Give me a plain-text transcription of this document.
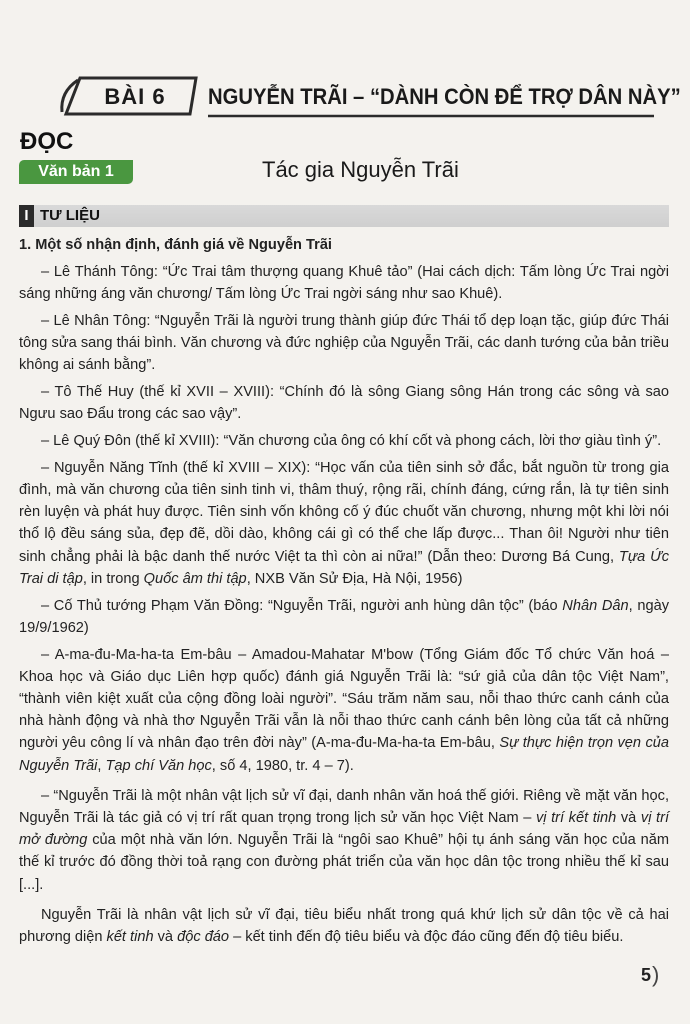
BÀI 6	NGUYỄN TRÃI – “DÀNH CÒN ĐỂ TRỢ DÂN NÀY”
ĐỌC
Văn bản 1	Tác gia Nguyễn Trãi
I TƯ LIỆU

1. Một số nhận định, đánh giá về Nguyễn Trãi

– Lê Thánh Tông: “Ức Trai tâm thượng quang Khuê tảo” (Hai cách dịch: Tấm lòng Ức Trai ngời sáng những áng văn chương/ Tấm lòng Ức Trai ngời sáng như sao Khuê).

– Lê Nhân Tông: “Nguyễn Trãi là người trung thành giúp đức Thái tổ dẹp loạn tặc, giúp đức Thái tông sửa sang thái bình. Văn chương và đức nghiệp của Nguyễn Trãi, các danh tướng của bản triều không ai sánh bằng”.

– Tô Thế Huy (thế kỉ XVII – XVIII): “Chính đó là sông Giang sông Hán trong các sông và sao Ngưu sao Đẩu trong các sao vậy”.

– Lê Quý Đôn (thế kỉ XVIII): “Văn chương của ông có khí cốt và phong cách, lời thơ giàu tình ý”.

– Nguyễn Năng Tĩnh (thế kỉ XVIII – XIX): “Học vấn của tiên sinh sở đắc, bắt nguồn từ trong gia đình, mà văn chương của tiên sinh tinh vi, thâm thuý, rộng rãi, chính đáng, cứng rắn, là tự tiên sinh rèn luyện và phát huy được. Tiên sinh vốn không cố ý đúc chuốt văn chương, nhưng một khi lời nói thổ lộ đều sáng sủa, đẹp đẽ, dồi dào, không cái gì có thể che lấp được... Than ôi! Người như tiên sinh chẳng phải là bậc danh thế nước Việt ta thì còn ai nữa!” (Dẫn theo: Dương Bá Cung, Tựa Ức Trai di tập, in trong Quốc âm thi tập, NXB Văn Sử Địa, Hà Nội, 1956)

– Cố Thủ tướng Phạm Văn Đồng: “Nguyễn Trãi, người anh hùng dân tộc” (báo Nhân Dân, ngày 19/9/1962)

– A-ma-đu-Ma-ha-ta Em-bâu – Amadou-Mahatar M'bow (Tổng Giám đốc Tổ chức Văn hoá – Khoa học và Giáo dục Liên hợp quốc) đánh giá Nguyễn Trãi là: “sứ giả của dân tộc Việt Nam”, “thành viên kiệt xuất của cộng đồng loài người”. “Sáu trăm năm sau, nỗi thao thức canh cánh của nhà hành động và nhà thơ Nguyễn Trãi vẫn là nỗi thao thức canh cánh bên lòng của tất cả những người yêu công lí và nhân đạo trên đời này” (A-ma-đu-Ma-ha-ta Em-bâu, Sự thực hiện trọn vẹn của Nguyễn Trãi, Tạp chí Văn học, số 4, 1980, tr. 4 – 7).

– “Nguyễn Trãi là một nhân vật lịch sử vĩ đại, danh nhân văn hoá thế giới. Riêng về mặt văn học, Nguyễn Trãi là tác giả có vị trí rất quan trọng trong lịch sử văn học Việt Nam – vị trí kết tinh và vị trí mở đường của một nhà văn lớn. Nguyễn Trãi là “ngôi sao Khuê” hội tụ ánh sáng văn học của năm thế kỉ trước đó đồng thời toả rạng con đường phát triển của văn học dân tộc trong nhiều thế kỉ sau [...].

Nguyễn Trãi là nhân vật lịch sử vĩ đại, tiêu biểu nhất trong quá khứ lịch sử dân tộc về cả hai phương diện kết tinh và độc đáo – kết tinh đến độ tiêu biểu và độc đáo cũng đến độ tiêu biểu.

5 )
